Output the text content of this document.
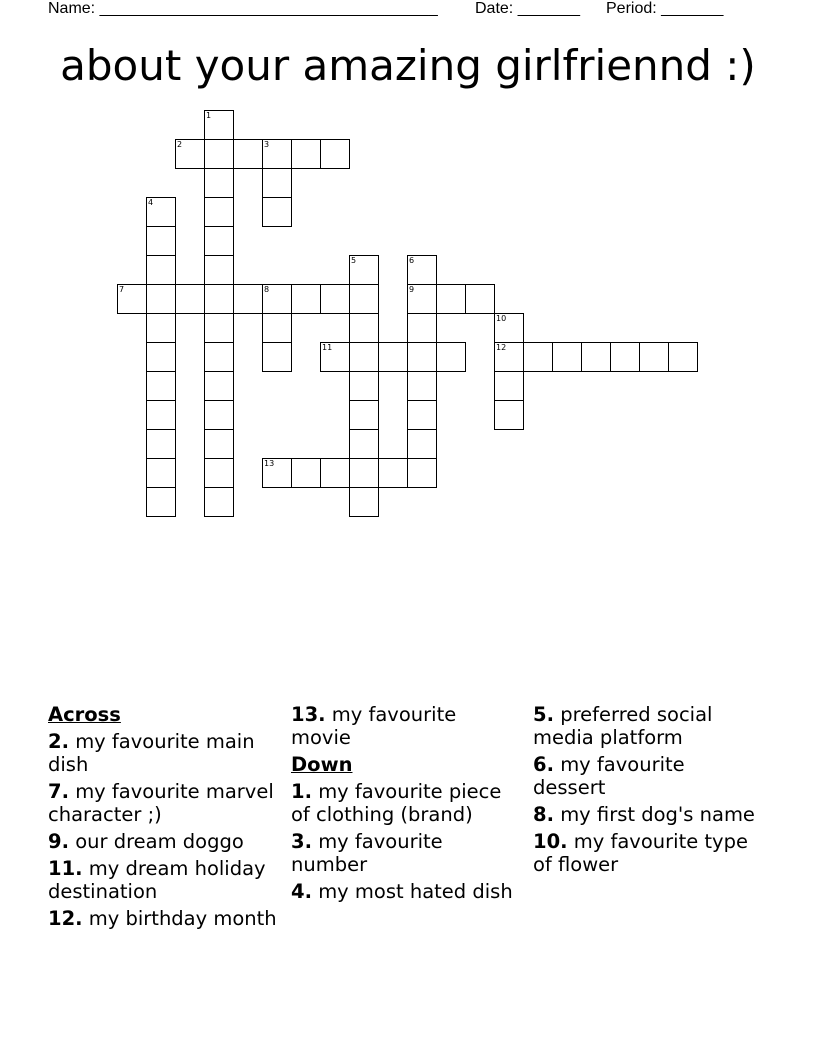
Name: ______________________________________ Date: _______ Period: _______
about your amazing girlfriennd :)
1
2	3
4
5	6
7	8	9
10
11	12
13
Across
2. my favourite main dish
7. my favourite marvel character ;)
9. our dream doggo
11. my dream holiday destination
12. my birthday month
13. my favourite movie
Down
1. my favourite piece of clothing (brand)
3. my favourite number
4. my most hated dish
5. preferred social media platform
6. my favourite dessert
8. my first dog's name
10. my favourite type of flower
